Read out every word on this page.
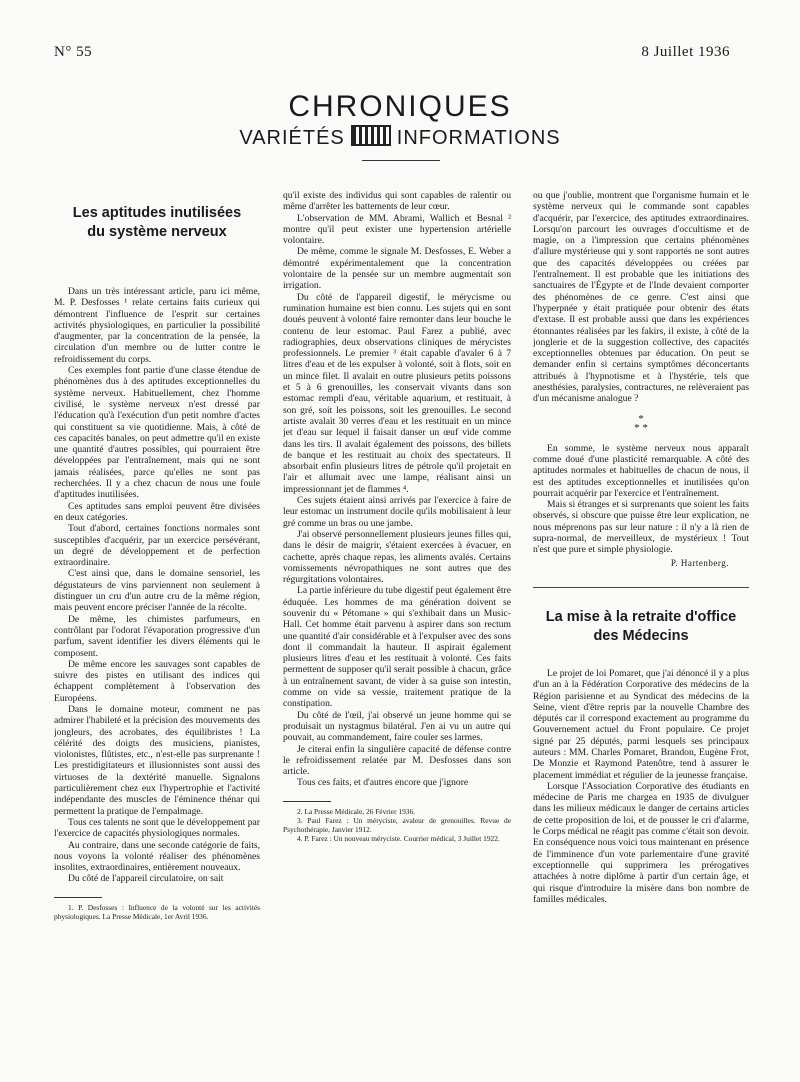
N° 55	8 Juillet 1936
CHRONIQUES
VARIÉTÉS	INFORMATIONS
Les aptitudes inutilisées
du système nerveux

Dans un très intéressant article, paru ici même, M. P. Desfosses ¹ relate certains faits curieux qui démontrent l'influence de l'esprit sur certaines activités physiologiques, en particulier la possibilité d'augmenter, par la concentration de la pensée, la circulation d'un membre ou de lutter contre le refroidissement du corps.

Ces exemples font partie d'une classe étendue de phénomènes dus à des aptitudes exceptionnelles du système nerveux. Habituellement, chez l'homme civilisé, le système nerveux n'est dressé par l'éducation qu'à l'exécution d'un petit nombre d'actes qui constituent sa vie quotidienne. Mais, à côté de ces capacités banales, on peut admettre qu'il en existe une quantité d'autres possibles, qui pourraient être développées par l'entraînement, mais qui ne sont jamais réalisées, parce qu'elles ne sont pas recherchées. Il y a chez chacun de nous une foule d'aptitudes inutilisées.

Ces aptitudes sans emploi peuvent être divisées en deux catégories.

Tout d'abord, certaines fonctions normales sont susceptibles d'acquérir, par un exercice persévérant, un degré de développement et de perfection extraordinaire.

C'est ainsi que, dans le domaine sensoriel, les dégustateurs de vins parviennent non seulement à distinguer un cru d'un autre cru de la même région, mais peuvent encore préciser l'année de la récolte.

De même, les chimistes parfumeurs, en contrôlant par l'odorat l'évaporation progressive d'un parfum, savent identifier les divers éléments qui le composent.

De même encore les sauvages sont capables de suivre des pistes en utilisant des indices qui échappent complètement à l'observation des Européens.

Dans le domaine moteur, comment ne pas admirer l'habileté et la précision des mouvements des jongleurs, des acrobates, des équilibristes ! La célérité des doigts des musiciens, pianistes, violonistes, flûtistes, etc., n'est-elle pas surprenante ! Les prestidigitateurs et illusionnistes sont aussi des virtuoses de la dextérité manuelle. Signalons particulièrement chez eux l'hypertrophie et l'activité indépendante des muscles de l'éminence thénar qui permettent la pratique de l'empalmage.

Tous ces talents ne sont que le développement par l'exercice de capacités physiologiques normales.

Au contraire, dans une seconde catégorie de faits, nous voyons la volonté réaliser des phénomènes insolites, extraordinaires, entièrement nouveaux.

Du côté de l'appareil circulatoire, on sait

1. P. Desfosses : Influence de la volonté sur les activités physiologiques. La Presse Médicale, 1er Avril 1936.

qu'il existe des individus qui sont capables de ralentir ou même d'arrêter les battements de leur cœur.

L'observation de MM. Abrami, Wallich et Besnal ² montre qu'il peut exister une hypertension artérielle volontaire.

De même, comme le signale M. Desfosses, E. Weber a démontré expérimentalement que la concentration volontaire de la pensée sur un membre augmentait son irrigation.

Du côté de l'appareil digestif, le mérycisme ou rumination humaine est bien connu. Les sujets qui en sont doués peuvent à volonté faire remonter dans leur bouche le contenu de leur estomac. Paul Farez a publié, avec radiographies, deux observations cliniques de mérycistes professionnels. Le premier ³ était capable d'avaler 6 à 7 litres d'eau et de les expulser à volonté, soit à flots, soit en un mince filet. Il avalait en outre plusieurs petits poissons et 5 à 6 grenouilles, les conservait vivants dans son estomac rempli d'eau, véritable aquarium, et restituait, à son gré, soit les poissons, soit les grenouilles. Le second artiste avalait 30 verres d'eau et les restituait en un mince jet d'eau sur lequel il faisait danser un œuf vide comme dans les tirs. Il avalait également des poissons, des billets de banque et les restituait au choix des spectateurs. Il absorbait enfin plusieurs litres de pétrole qu'il projetait en l'air et allumait avec une lampe, réalisant ainsi un impressionnant jet de flammes ⁴.

Ces sujets étaient ainsi arrivés par l'exercice à faire de leur estomac un instrument docile qu'ils mobilisaient à leur gré comme un bras ou une jambe.

J'ai observé personnellement plusieurs jeunes filles qui, dans le désir de maigrir, s'étaient exercées à évacuer, en cachette, après chaque repas, les aliments avalés. Certains vomissements névropathiques ne sont autres que des régurgitations volontaires.

La partie inférieure du tube digestif peut également être éduquée. Les hommes de ma génération doivent se souvenir du « Pétomane » qui s'exhibait dans un Music-Hall. Cet homme était parvenu à aspirer dans son rectum une quantité d'air considérable et à l'expulser avec des sons dont il commandait la hauteur. Il aspirait également plusieurs litres d'eau et les restituait à volonté. Ces faits permettent de supposer qu'il serait possible à chacun, grâce à un entraînement savant, de vider à sa guise son intestin, comme on vide sa vessie, traitement pratique de la constipation.

Du côté de l'œil, j'ai observé un jeune homme qui se produisait un nystagmus bilatéral. J'en ai vu un autre qui pouvait, au commandement, faire couler ses larmes.

Je citerai enfin la singulière capacité de défense contre le refroidissement relatée par M. Desfosses dans son article.

Tous ces faits, et d'autres encore que j'ignore

2. La Presse Médicale, 26 Février 1936.

3. Paul Farez : Un méryciste, avaleur de grenouilles. Revue de Psychothérapie, Janvier 1912.

4. P. Farez : Un nouveau méryciste. Courrier médical, 3 Juillet 1922.

ou que j'oublie, montrent que l'organisme humain et le système nerveux qui le commande sont capables d'acquérir, par l'exercice, des aptitudes extraordinaires. Lorsqu'on parcourt les ouvrages d'occultisme et de magie, on a l'impression que certains phénomènes d'allure mystérieuse qui y sont rapportés ne sont autres que des capacités développées ou créées par l'entraînement. Il est probable que les initiations des sanctuaires de l'Égypte et de l'Inde devaient comporter des phénomènes de ce genre. C'est ainsi que l'hyperpnée y était pratiquée pour obtenir des états d'extase. Il est probable aussi que dans les expériences étonnantes réalisées par les fakirs, il existe, à côté de la jonglerie et de la suggestion collective, des capacités exceptionnelles obtenues par éducation. On peut se demander enfin si certains symptômes déconcertants attribués à l'hypnotisme et à l'hystérie, tels que anesthésies, paralysies, contractures, ne relèveraient pas d'un mécanisme analogue ?

*
* *

En somme, le système nerveux nous apparaît comme doué d'une plasticité remarquable. A côté des aptitudes normales et habituelles de chacun de nous, il est des aptitudes exceptionnelles et inutilisées qu'on pourrait acquérir par l'exercice et l'entraînement.

Mais si étranges et si surprenants que soient les faits observés, si obscure que puisse être leur explication, ne nous méprenons pas sur leur nature : il n'y a là rien de supra-normal, de merveilleux, de mystérieux ! Tout n'est que pure et simple physiologie.

P. Hartenberg.
La mise à la retraite d'office
des Médecins

Le projet de loi Pomaret, que j'ai dénoncé il y a plus d'un an à la Fédération Corporative des médecins de la Région parisienne et au Syndicat des médecins de la Seine, vient d'être repris par la nouvelle Chambre des députés car il correspond exactement au programme du Gouvernement actuel du Front populaire. Ce projet signé par 25 députés, parmi lesquels ses principaux auteurs : MM. Charles Pomaret, Brandon, Eugène Frot, De Monzie et Raymond Patenôtre, tend à assurer le placement immédiat et régulier de la jeunesse française.

Lorsque l'Association Corporative des étudiants en médecine de Paris me chargea en 1935 de divulguer dans les milieux médicaux le danger de certains articles de cette proposition de loi, et de pousser le cri d'alarme, le Corps médical ne réagit pas comme c'était son devoir. En conséquence nous voici tous maintenant en présence de l'imminence d'un vote parlementaire d'une gravité exceptionnelle qui supprimera les prérogatives attachées à notre diplôme à partir d'un certain âge, et qui risque d'introduire la misère dans bon nombre de familles médicales.
